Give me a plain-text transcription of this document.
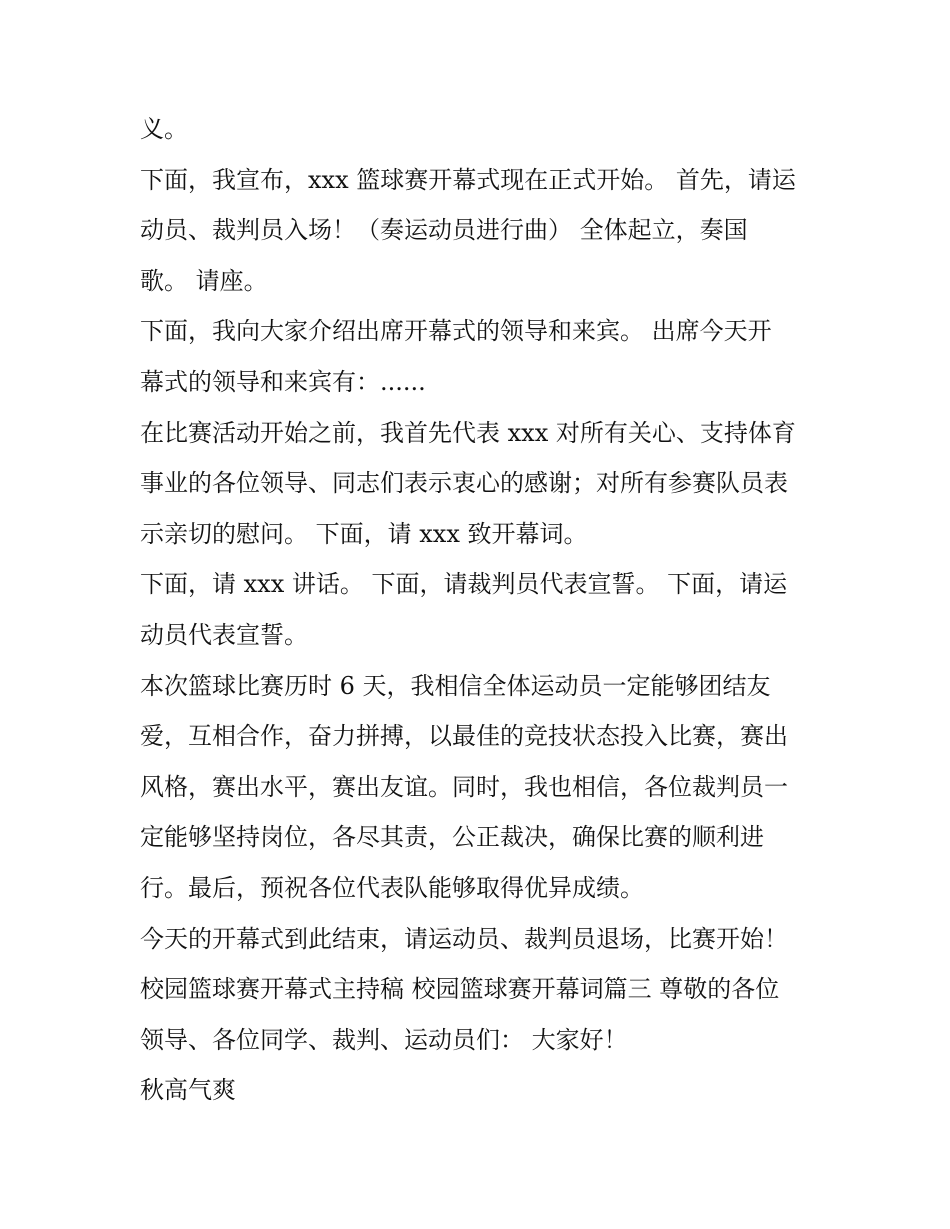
义。
下面，我宣布，xxx 篮球赛开幕式现在正式开始。 首先，请运
动员、裁判员入场！（奏运动员进行曲） 全体起立，奏国
歌。 请座。
下面，我向大家介绍出席开幕式的领导和来宾。 出席今天开
幕式的领导和来宾有：......
在比赛活动开始之前，我首先代表 xxx 对所有关心、支持体育
事业的各位领导、同志们表示衷心的感谢；对所有参赛队员表
示亲切的慰问。 下面，请 xxx 致开幕词。
下面，请 xxx 讲话。 下面，请裁判员代表宣誓。 下面，请运
动员代表宣誓。
本次篮球比赛历时 6 天，我相信全体运动员一定能够团结友
爱，互相合作，奋力拼搏，以最佳的竞技状态投入比赛，赛出
风格，赛出水平，赛出友谊。同时，我也相信，各位裁判员一
定能够坚持岗位，各尽其责，公正裁决，确保比赛的顺利进
行。最后，预祝各位代表队能够取得优异成绩。
今天的开幕式到此结束，请运动员、裁判员退场，比赛开始！
校园篮球赛开幕式主持稿 校园篮球赛开幕词篇三 尊敬的各位
领导、各位同学、裁判、运动员们： 大家好！
秋高气爽
